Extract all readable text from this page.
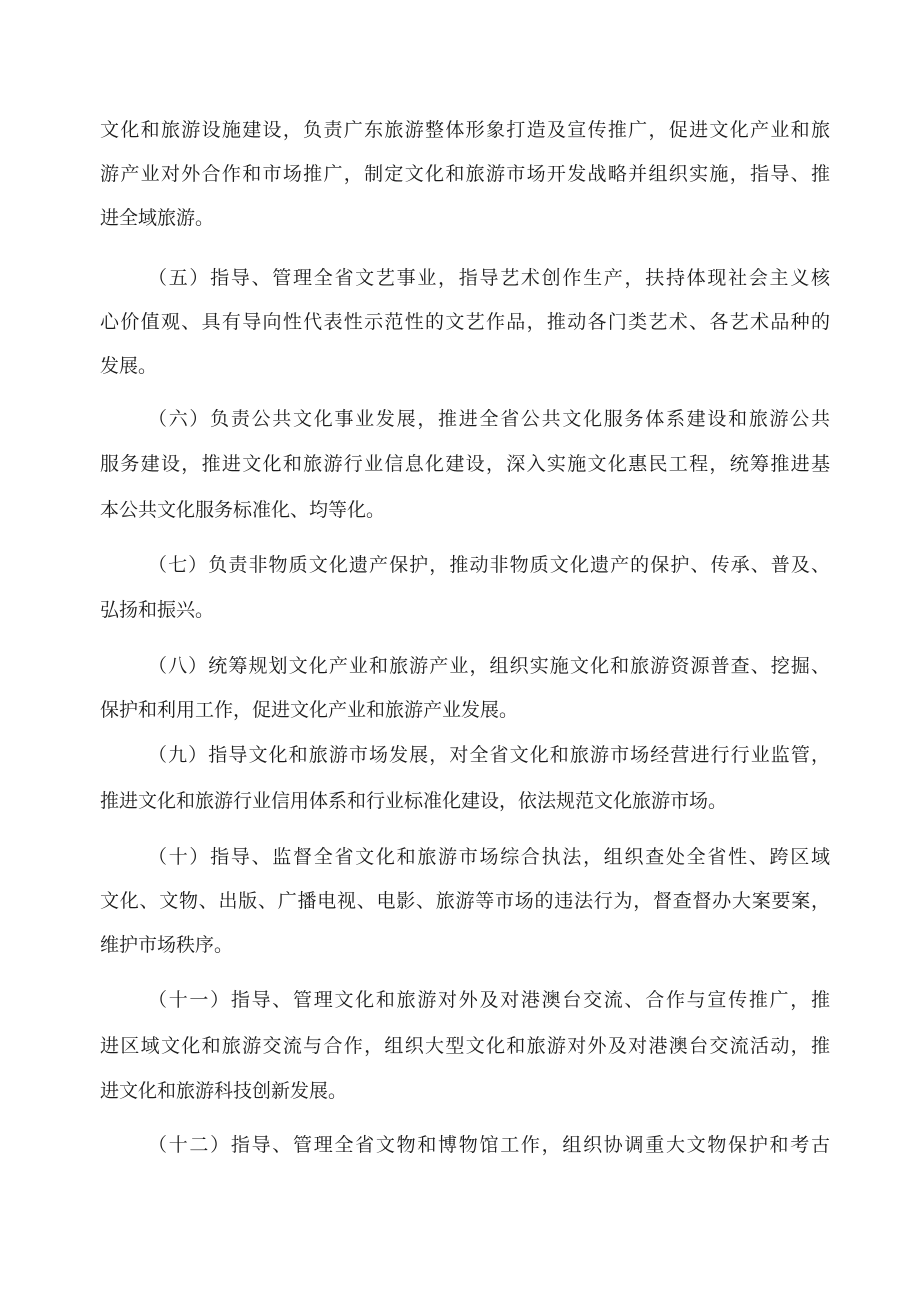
文化和旅游设施建设，负责广东旅游整体形象打造及宣传推广，促进文化产业和旅
游产业对外合作和市场推广，制定文化和旅游市场开发战略并组织实施，指导、推
进全域旅游。
（五）指导、管理全省文艺事业，指导艺术创作生产，扶持体现社会主义核
心价值观、具有导向性代表性示范性的文艺作品，推动各门类艺术、各艺术品种的
发展。
（六）负责公共文化事业发展，推进全省公共文化服务体系建设和旅游公共
服务建设，推进文化和旅游行业信息化建设，深入实施文化惠民工程，统筹推进基
本公共文化服务标准化、均等化。
（七）负责非物质文化遗产保护，推动非物质文化遗产的保护、传承、普及、
弘扬和振兴。
（八）统筹规划文化产业和旅游产业，组织实施文化和旅游资源普查、挖掘、
保护和利用工作，促进文化产业和旅游产业发展。
（九）指导文化和旅游市场发展，对全省文化和旅游市场经营进行行业监管，
推进文化和旅游行业信用体系和行业标准化建设，依法规范文化旅游市场。
（十）指导、监督全省文化和旅游市场综合执法，组织查处全省性、跨区域
文化、文物、出版、广播电视、电影、旅游等市场的违法行为，督查督办大案要案，
维护市场秩序。
（十一）指导、管理文化和旅游对外及对港澳台交流、合作与宣传推广，推
进区域文化和旅游交流与合作，组织大型文化和旅游对外及对港澳台交流活动，推
进文化和旅游科技创新发展。
（十二）指导、管理全省文物和博物馆工作，组织协调重大文物保护和考古
